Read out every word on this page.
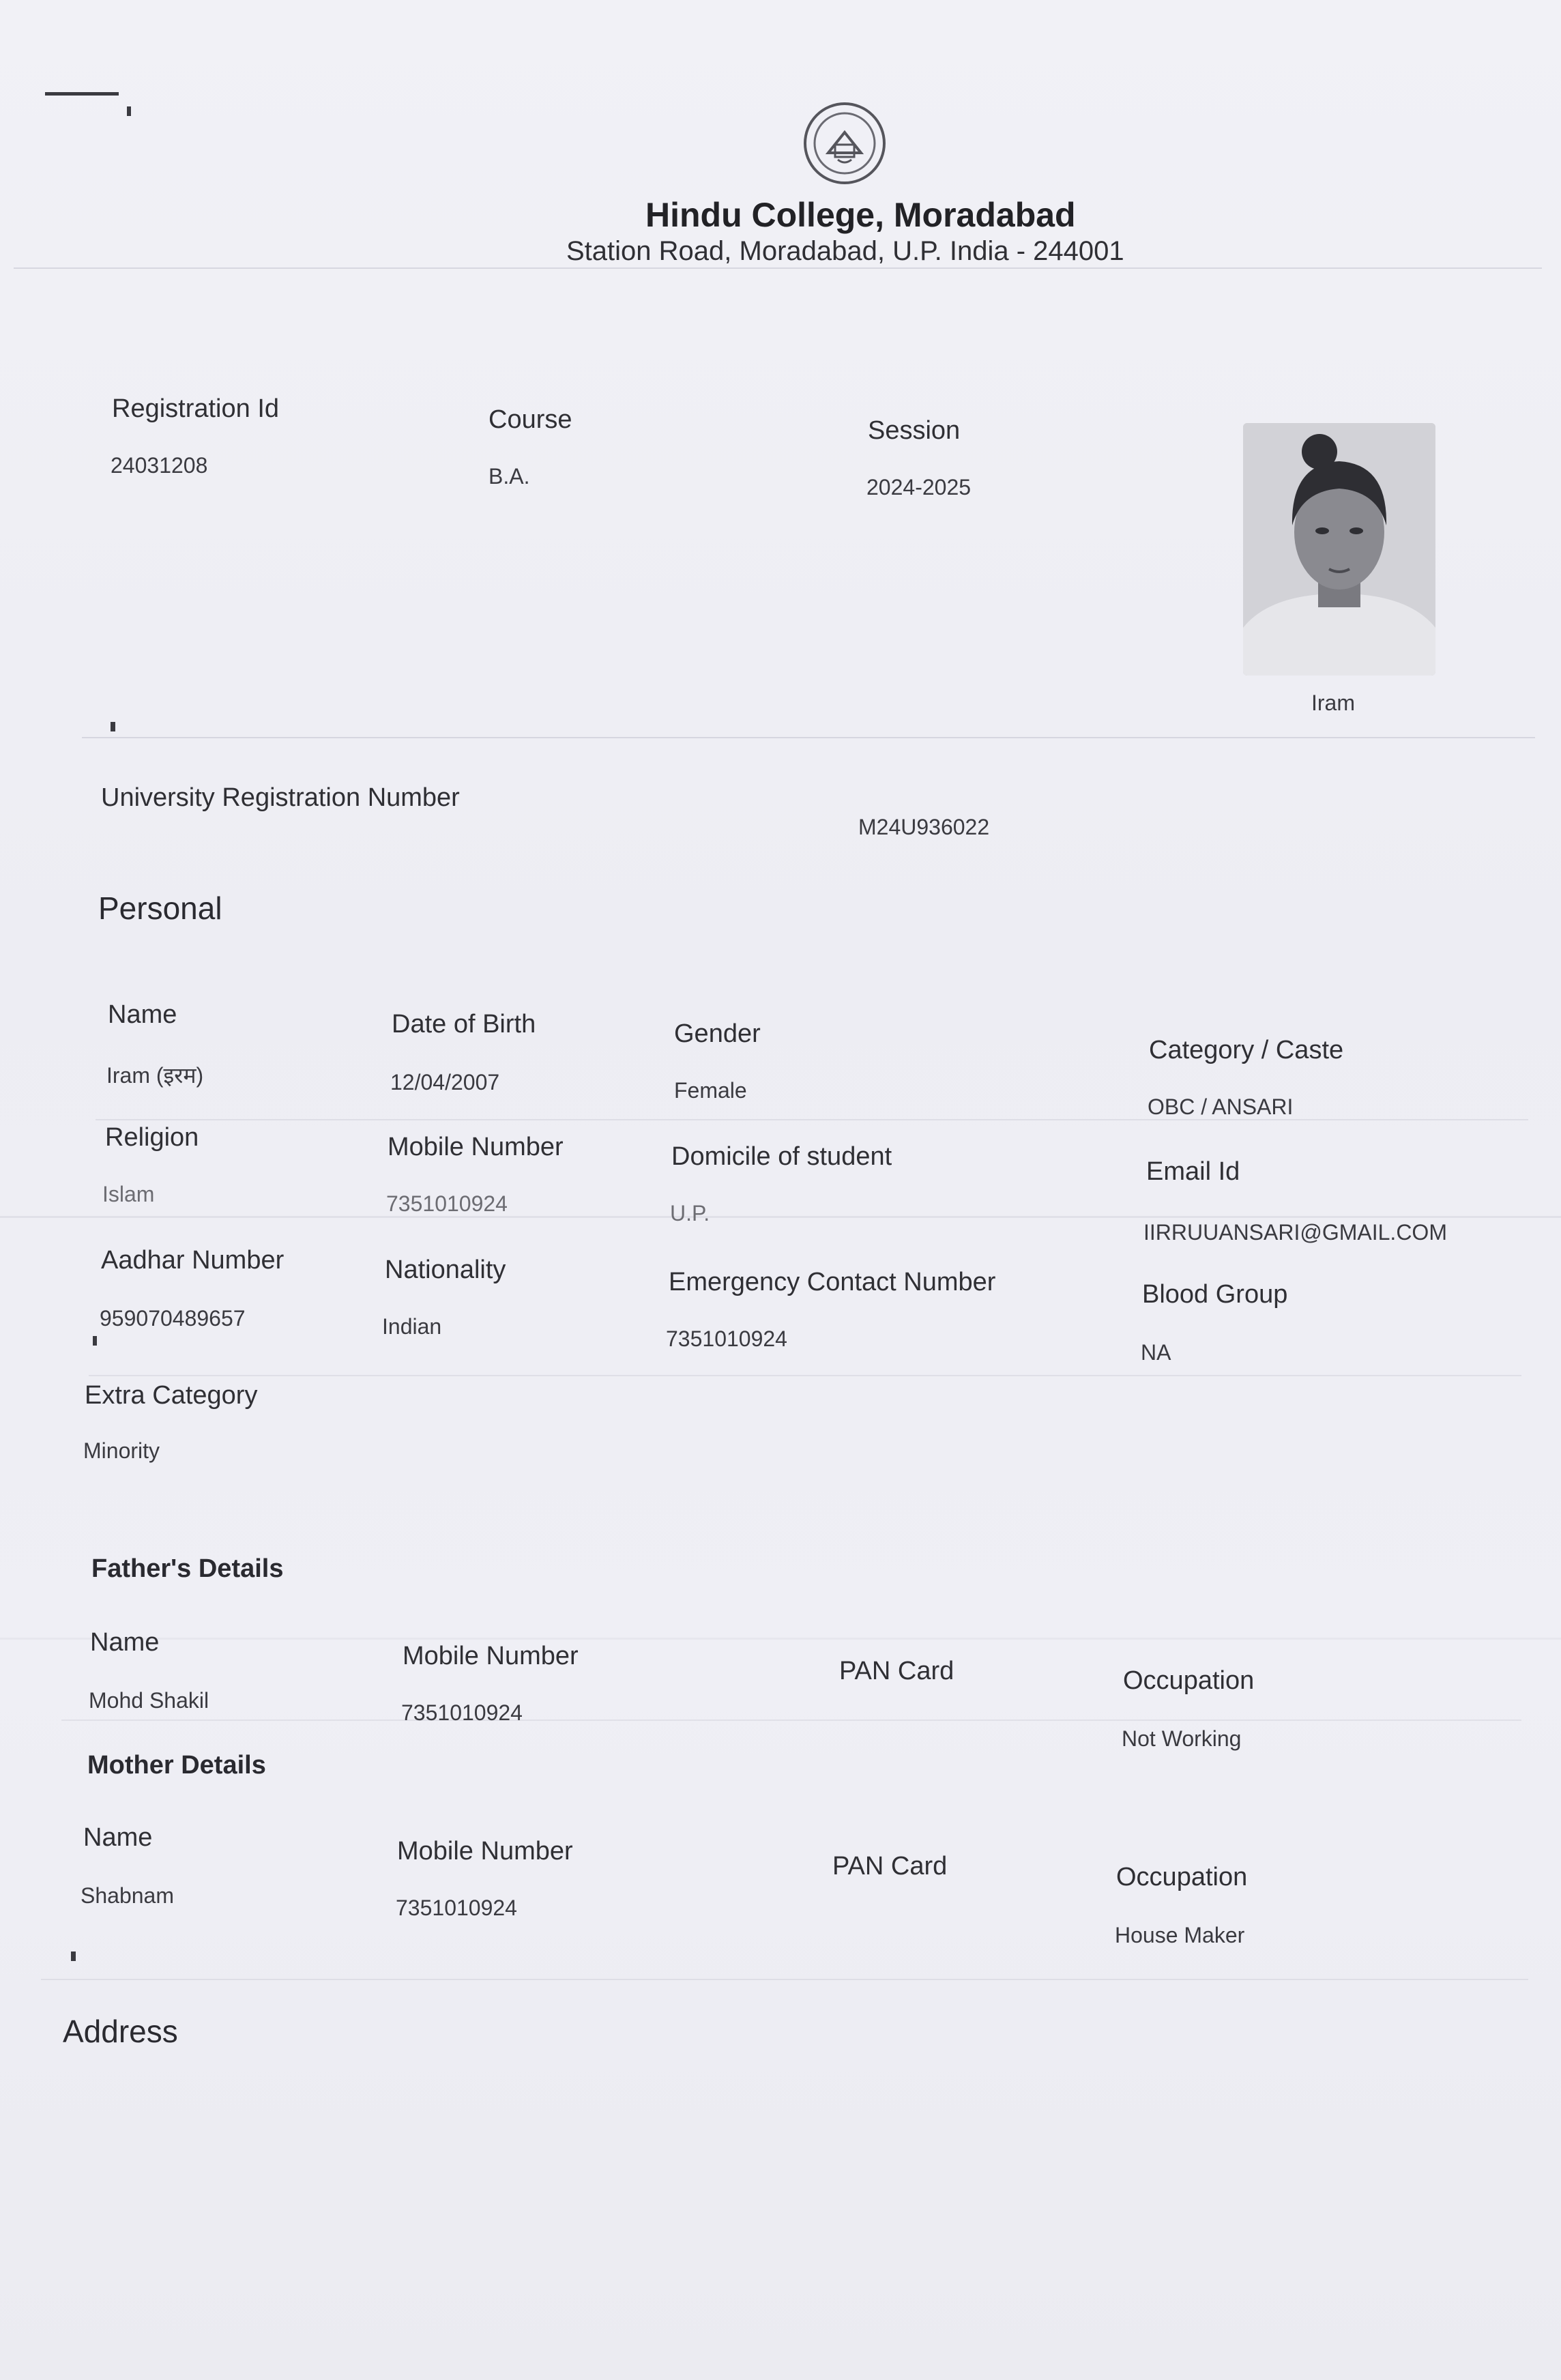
Hindu College, Moradabad
Station Road, Moradabad, U.P. India - 244001
Registration Id
24031208
Course
B.A.
Session
2024-2025
Iram
University Registration Number
M24U936022
Personal
Name
Iram (इरम)
Date of Birth
12/04/2007
Gender
Female
Category / Caste
OBC / ANSARI
Religion
Islam
Mobile Number
7351010924
Domicile of student
U.P.
Email Id
IIRRUUANSARI@GMAIL.COM
Aadhar Number
959070489657
Nationality
Indian
Emergency Contact Number
7351010924
Blood Group
NA
Extra Category
Minority
Father's Details
Name
Mohd Shakil
Mobile Number
7351010924
PAN Card	Occupation
Not Working
Mother Details
Name
Shabnam
Mobile Number
7351010924
PAN Card	Occupation
House Maker
Address
